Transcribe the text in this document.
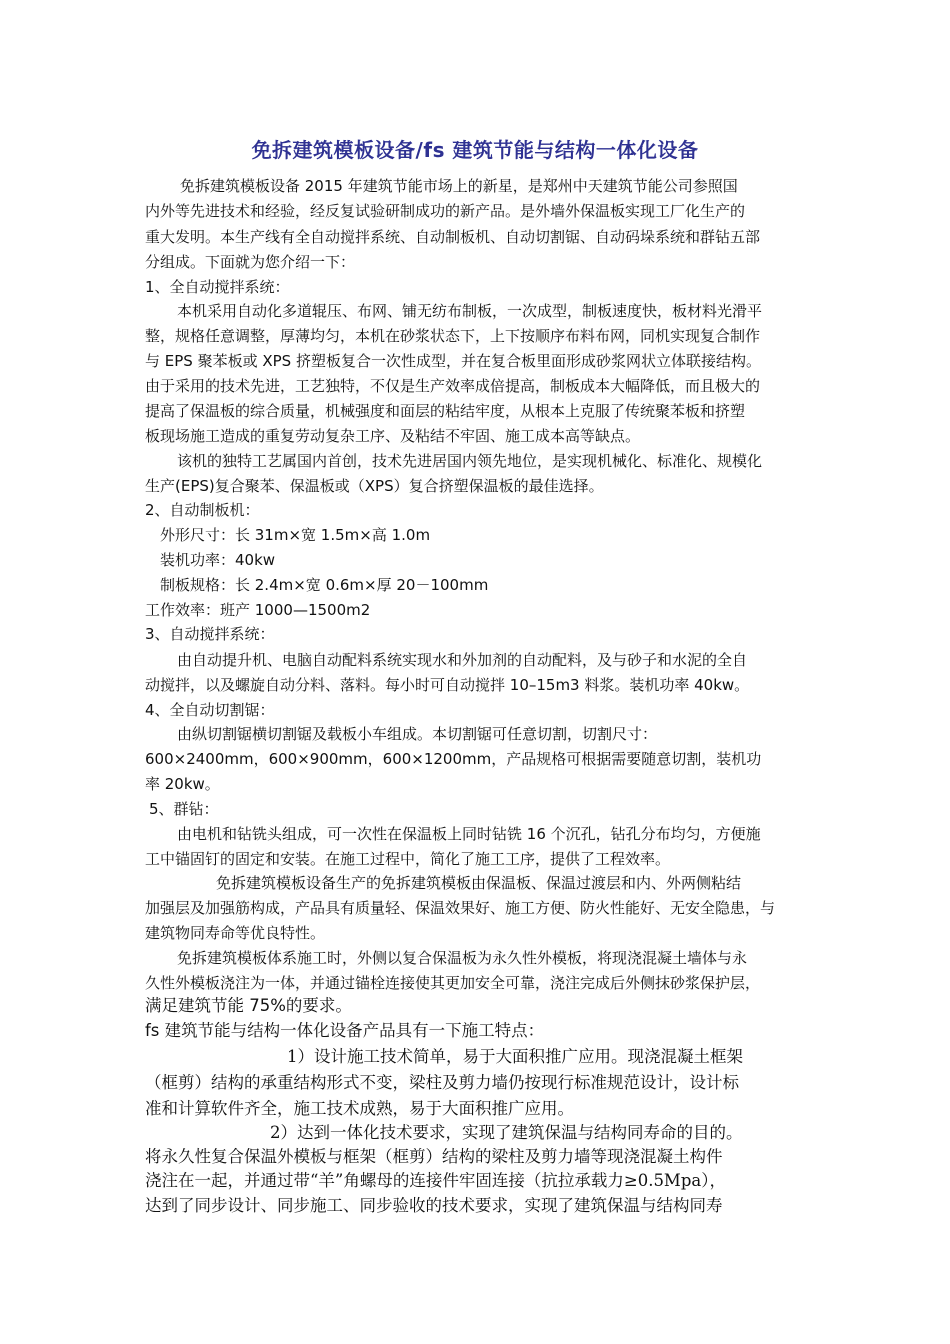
免拆建筑模板设备/fs 建筑节能与结构一体化设备
免拆建筑模板设备 2015 年建筑节能市场上的新星，是郑州中天建筑节能公司参照国
内外等先进技术和经验，经反复试验研制成功的新产品。是外墙外保温板实现工厂化生产的
重大发明。本生产线有全自动搅拌系统、自动制板机、自动切割锯、自动码垛系统和群钻五部
分组成。下面就为您介绍一下：
1、全自动搅拌系统：
本机采用自动化多道辊压、布网、铺无纺布制板，一次成型，制板速度快，板材料光滑平
整，规格任意调整，厚薄均匀，本机在砂浆状态下，上下按顺序布料布网，同机实现复合制作
与 EPS 聚苯板或 XPS 挤塑板复合一次性成型，并在复合板里面形成砂浆网状立体联接结构。
由于采用的技术先进，工艺独特，不仅是生产效率成倍提高，制板成本大幅降低，而且极大的
提高了保温板的综合质量，机械强度和面层的粘结牢度，从根本上克服了传统聚苯板和挤塑
板现场施工造成的重复劳动复杂工序、及粘结不牢固、施工成本高等缺点。
该机的独特工艺属国内首创，技术先进居国内领先地位，是实现机械化、标准化、规模化
生产(EPS)复合聚苯、保温板或（XPS）复合挤塑保温板的最佳选择。
2、自动制板机：
外形尺寸：长 31m×宽 1.5m×高 1.0m
装机功率：40kw
制板规格：长 2.4m×宽 0.6m×厚 20－100mm
工作效率：班产 1000—1500m2
3、自动搅拌系统：
由自动提升机、电脑自动配料系统实现水和外加剂的自动配料，及与砂子和水泥的全自
动搅拌，以及螺旋自动分料、落料。每小时可自动搅拌 10–15m3 料浆。装机功率 40kw。
4、全自动切割锯：
由纵切割锯横切割锯及载板小车组成。本切割锯可任意切割，切割尺寸：
600×2400mm，600×900mm，600×1200mm，产品规格可根据需要随意切割，装机功
率 20kw。
5、群钻：
由电机和钻铣头组成，可一次性在保温板上同时钻铣 16 个沉孔，钻孔分布均匀，方便施
工中锚固钉的固定和安装。在施工过程中，简化了施工工序，提供了工程效率。
免拆建筑模板设备生产的免拆建筑模板由保温板、保温过渡层和内、外两侧粘结
加强层及加强筋构成，产品具有质量轻、保温效果好、施工方便、防火性能好、无安全隐患，与
建筑物同寿命等优良特性。
免拆建筑模板体系施工时，外侧以复合保温板为永久性外模板，将现浇混凝土墙体与永
久性外模板浇注为一体，并通过锚栓连接使其更加安全可靠，浇注完成后外侧抹砂浆保护层，
满足建筑节能 75%的要求。
fs 建筑节能与结构一体化设备产品具有一下施工特点：
1）设计施工技术简单，易于大面积推广应用。现浇混凝土框架
（框剪）结构的承重结构形式不变，梁柱及剪力墙仍按现行标准规范设计，设计标
准和计算软件齐全，施工技术成熟，易于大面积推广应用。
2）达到一体化技术要求，实现了建筑保温与结构同寿命的目的。
将永久性复合保温外模板与框架（框剪）结构的梁柱及剪力墙等现浇混凝土构件
浇注在一起，并通过带“羊”角螺母的连接件牢固连接（抗拉承载力≥0.5Mpa），
达到了同步设计、同步施工、同步验收的技术要求，实现了建筑保温与结构同寿
